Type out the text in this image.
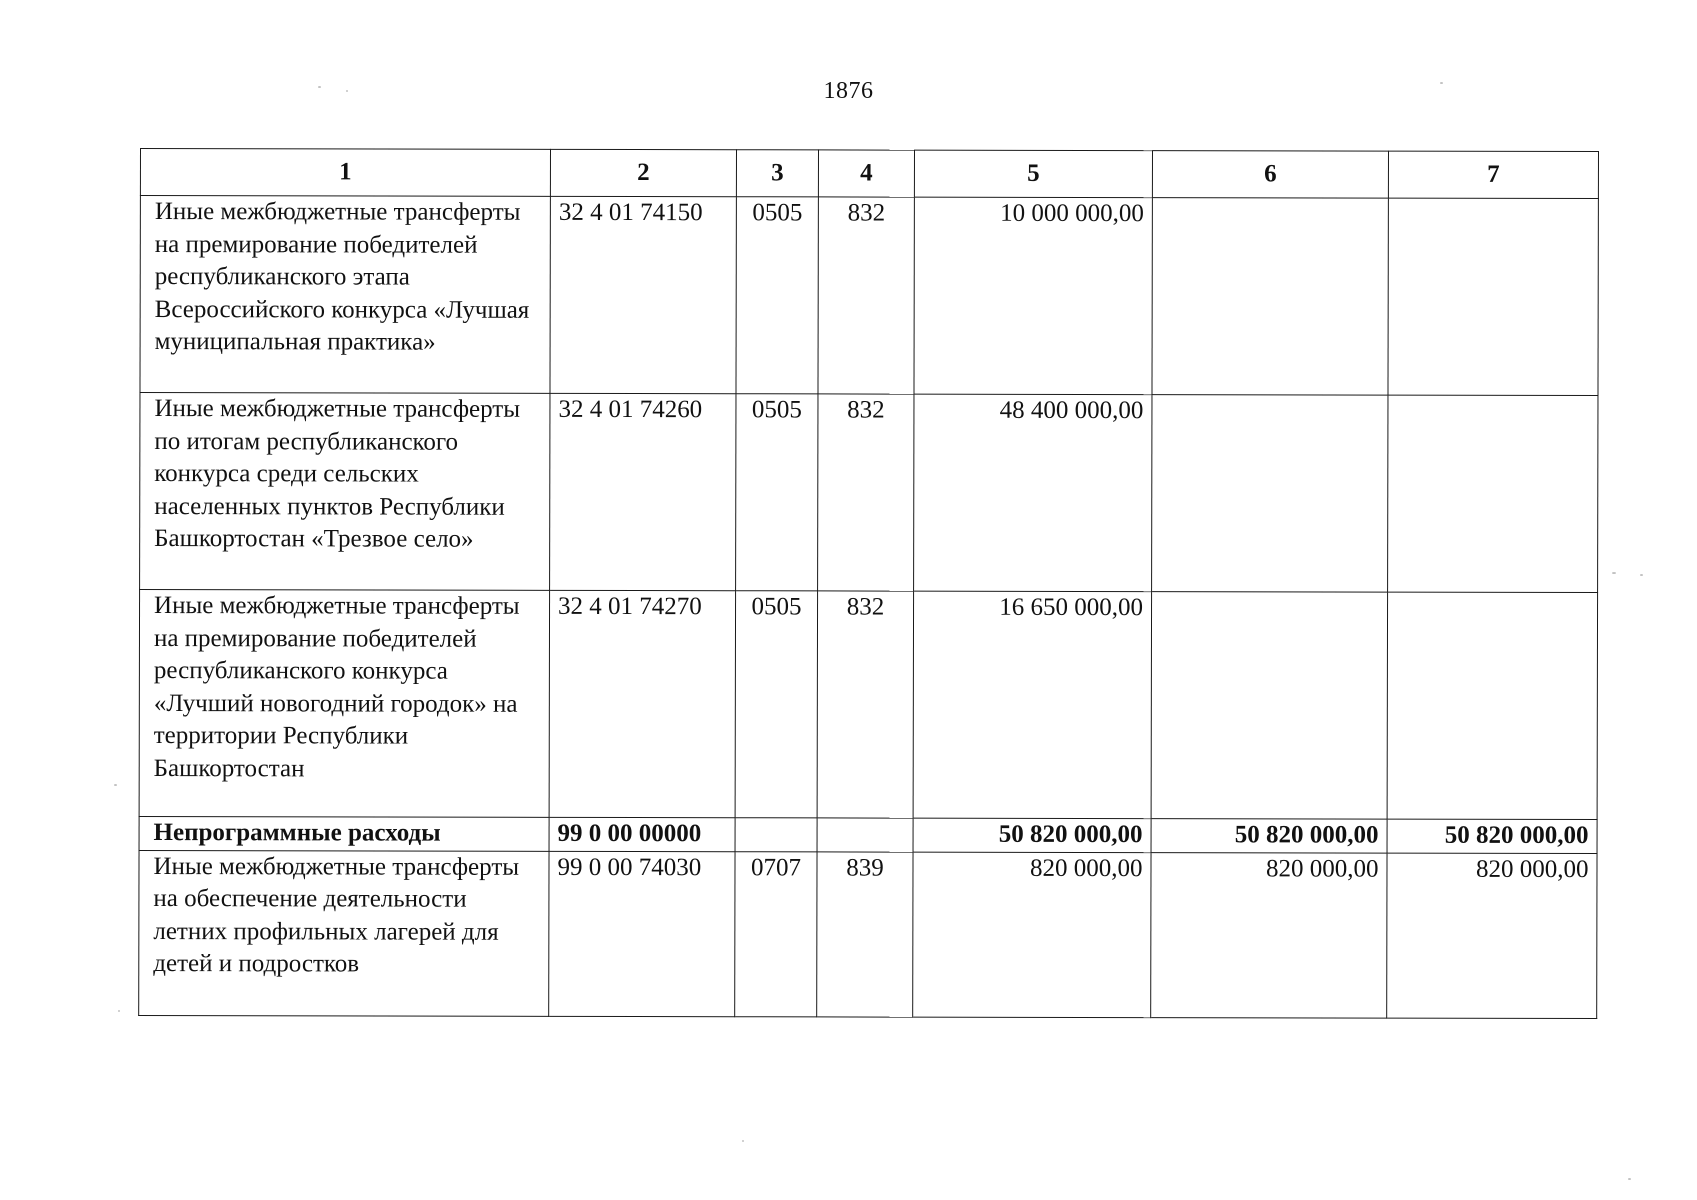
1876
1	2	3	4	5	6	7
Иные межбюджетные трансферты на премирование победителей республиканского этапа Всероссийского конкурса «Лучшая муниципальная практика»	32 4 01 74150	0505	832	10 000 000,00		
Иные межбюджетные трансферты по итогам республиканского конкурса среди сельских населенных пунктов Республики Башкортостан «Трезвое село»	32 4 01 74260	0505	832	48 400 000,00		
Иные межбюджетные трансферты на премирование победителей республиканского конкурса «Лучший новогодний городок» на территории Республики Башкортостан	32 4 01 74270	0505	832	16 650 000,00		
Непрограммные расходы	99 0 00 00000			50 820 000,00	50 820 000,00	50 820 000,00
Иные межбюджетные трансферты на обеспечение деятельности летних профильных лагерей для детей и подростков	99 0 00 74030	0707	839	820 000,00	820 000,00	820 000,00
